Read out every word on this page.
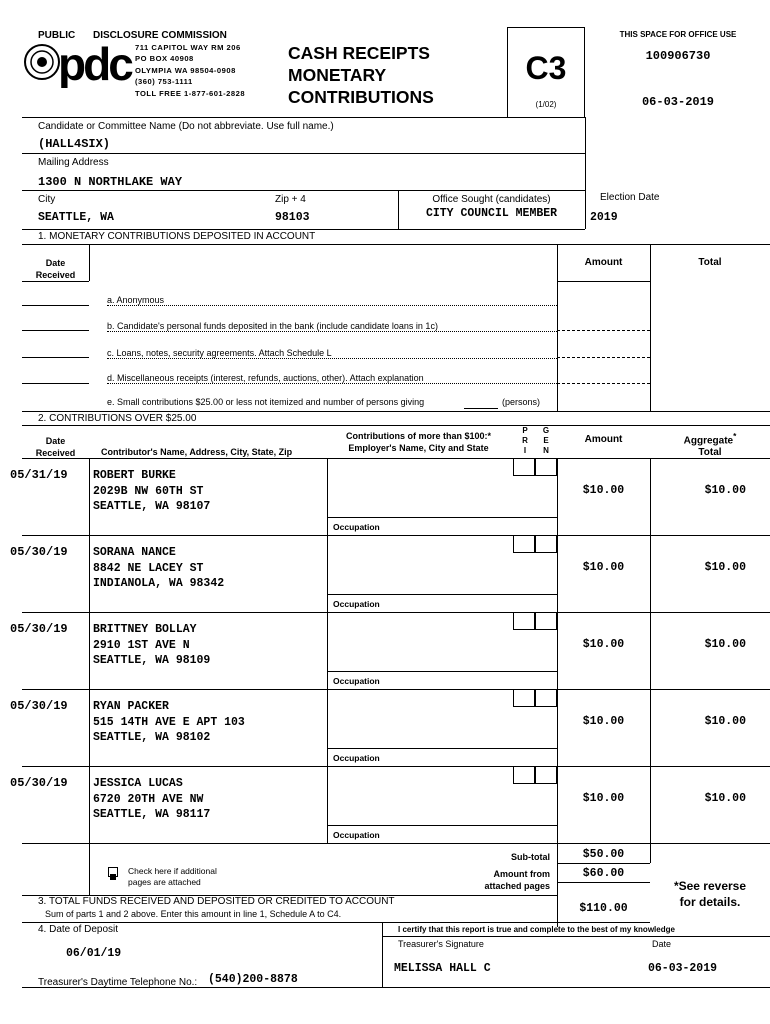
PUBLIC DISCLOSURE COMMISSION
pdc 711 CAPITOL WAY RM 206
PO BOX 40908
OLYMPIA WA 98504-0908
(360) 753-1111
TOLL FREE 1-877-601-2828
CASH RECEIPTS
MONETARY
CONTRIBUTIONS
C3
(1/02)
THIS SPACE FOR OFFICE USE
100906730
06-03-2019
Candidate or Committee Name (Do not abbreviate. Use full name.)
(HALL4SIX)
Mailing Address
1300 N NORTHLAKE WAY
City
SEATTLE, WA
Zip + 4
98103
Office Sought (candidates)
CITY COUNCIL MEMBER
Election Date
2019
1. MONETARY CONTRIBUTIONS DEPOSITED IN ACCOUNT
Date
Received
Amount	Total
a. Anonymous
b. Candidate's personal funds deposited in the bank (include candidate loans in 1c)
c. Loans, notes, security agreements. Attach Schedule L
d. Miscellaneous receipts (interest, refunds, auctions, other). Attach explanation
e. Small contributions $25.00 or less not itemized and number of persons giving	(persons)
2. CONTRIBUTIONS OVER $25.00
Date
Received	Contributor's Name, Address, City, State, Zip
Contributions of more than $100:*
Employer's Name, City and State
P
R
I
G
E
N
Amount	Aggregate*
Total
05/31/19 ROBERT BURKE
2029B NW 60TH ST
SEATTLE, WA 98107
Occupation
$10.00	$10.00
05/30/19 SORANA NANCE
8842 NE LACEY ST
INDIANOLA, WA 98342
Occupation
$10.00	$10.00
05/30/19 BRITTNEY BOLLAY
2910 1ST AVE N
SEATTLE, WA 98109
Occupation
$10.00	$10.00
05/30/19 RYAN PACKER
515 14TH AVE E APT 103
SEATTLE, WA 98102
Occupation
$10.00	$10.00
05/30/19 JESSICA LUCAS
6720 20TH AVE NW
SEATTLE, WA 98117
Occupation
$10.00	$10.00
Check here if additional
pages are attached
Sub-total	$50.00
Amount from
attached pages
$60.00
*See reverse
for details.
3. TOTAL FUNDS RECEIVED AND DEPOSITED OR CREDITED TO ACCOUNT
Sum of parts 1 and 2 above. Enter this amount in line 1, Schedule A to C4.	$110.00
4. Date of Deposit
06/01/19
I certify that this report is true and complete to the best of my knowledge
Treasurer's Signature	Date
MELISSA HALL C	06-03-2019
Treasurer's Daytime Telephone No.: (540)200-8878
